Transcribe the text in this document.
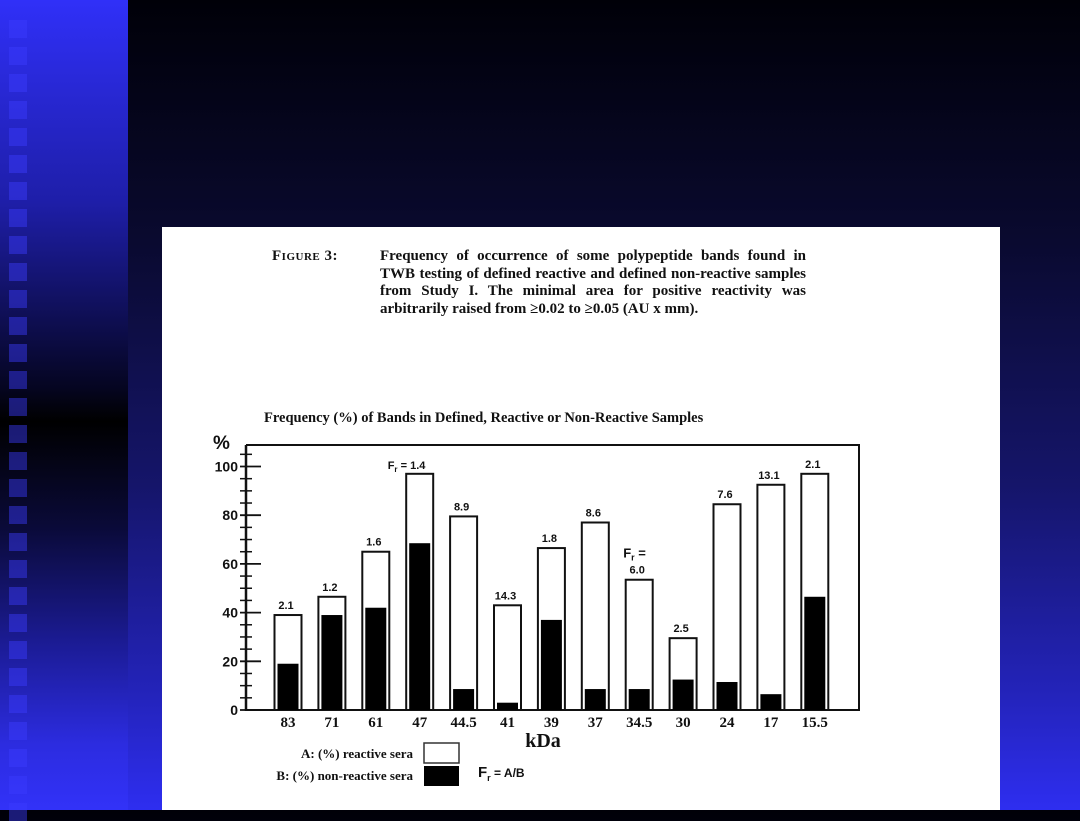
Figure 3:	Frequency of occurrence of some polypeptide bands found in TWB testing of defined reactive and defined non-reactive samples from Study I. The minimal area for positive reactivity was arbitrarily raised from ≥0.02 to ≥0.05 (AU x mm).
Frequency (%) of Bands in Defined, Reactive or Non-Reactive Samples
%
0
20
40
60
80
100
83
2.1
71
1.2
61
1.6
47
$F_r = 1.4$
44.5
8.9
41
14.3
39
1.8
37
8.6
34.5
6.0
$F_r$ =
30
2.5
24
7.6
17
13.1
15.5
2.1
kDa
A: (%) reactive sera
B: (%) non-reactive sera	$F_r = A/B$
